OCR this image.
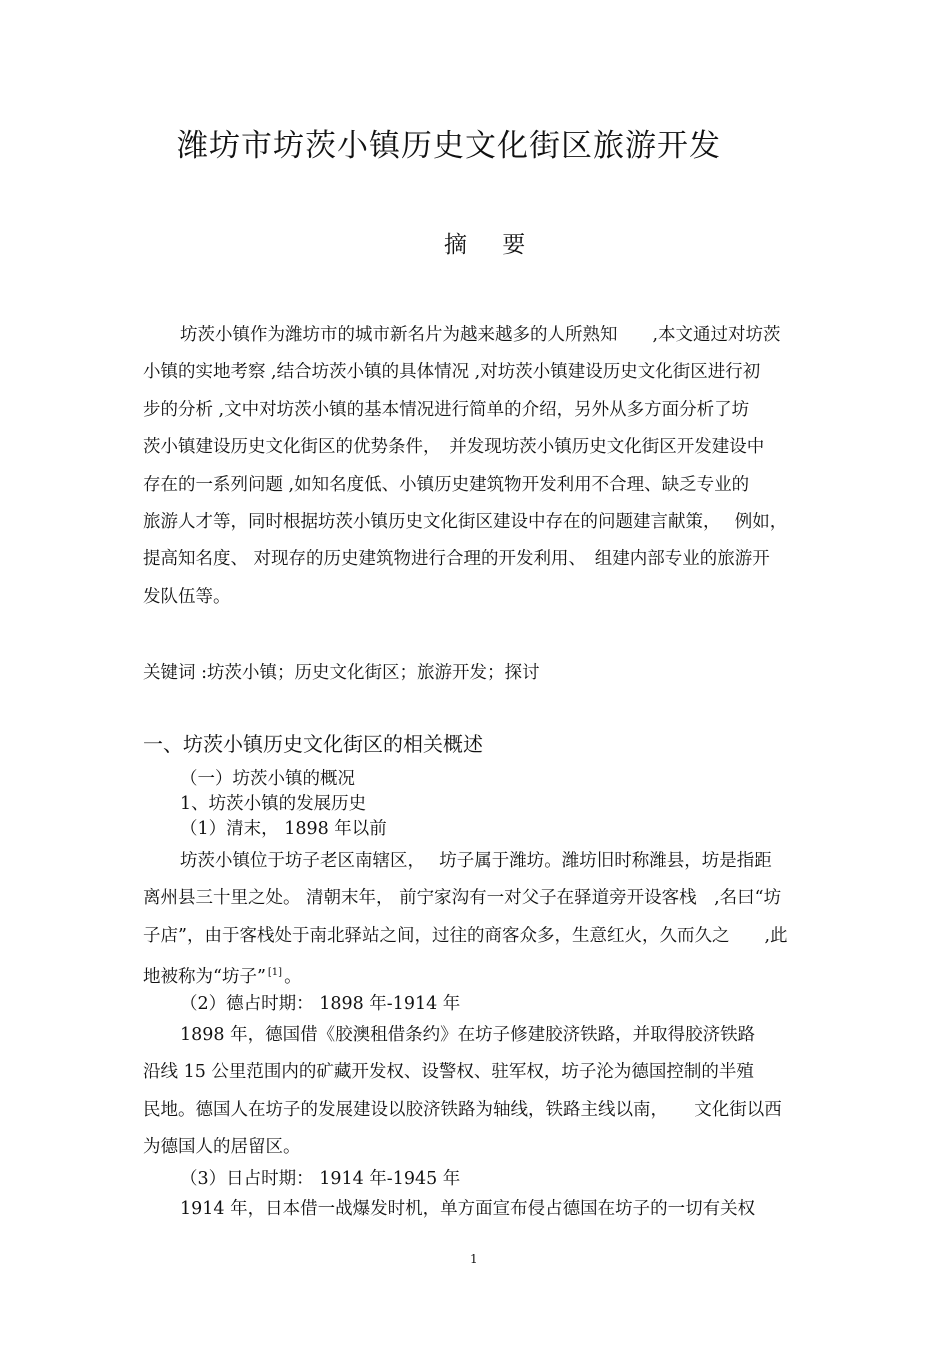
潍坊市坊茨小镇历史文化街区旅游开发
摘 要
坊茨小镇作为潍坊市的城市新名片为越来越多的人所熟知　　,本文通过对坊茨
小镇的实地考察 ,结合坊茨小镇的具体情况 ,对坊茨小镇建设历史文化街区进行初
步的分析 ,文中对坊茨小镇的基本情况进行简单的介绍，另外从多方面分析了坊
茨小镇建设历史文化街区的优势条件，　并发现坊茨小镇历史文化街区开发建设中
存在的一系列问题 ,如知名度低、小镇历史建筑物开发利用不合理、缺乏专业的
旅游人才等，同时根据坊茨小镇历史文化街区建设中存在的问题建言献策，　 例如，
提高知名度、 对现存的历史建筑物进行合理的开发利用、　组建内部专业的旅游开
发队伍等。
关键词 :坊茨小镇；历史文化街区；旅游开发；探讨
一、坊茨小镇历史文化街区的相关概述
（一）坊茨小镇的概况
1、坊茨小镇的发展历史
（1）清末， 1898 年以前
坊茨小镇位于坊子老区南辖区，　 坊子属于潍坊。潍坊旧时称潍县，坊是指距
离州县三十里之处。 清朝末年， 前宁家沟有一对父子在驿道旁开设客栈　,名曰“坊
子店”，由于客栈处于南北驿站之间，过往的商客众多，生意红火，久而久之　　,此
地被称为“坊子” [1] 。
（2）德占时期： 1898 年-1914 年
1898 年，德国借《胶澳租借条约》在坊子修建胶济铁路，并取得胶济铁路
沿线 15 公里范围内的矿藏开发权、设警权、驻军权，坊子沦为德国控制的半殖
民地。德国人在坊子的发展建设以胶济铁路为轴线，铁路主线以南，　　文化街以西
为德国人的居留区。
（3）日占时期： 1914 年-1945 年
1914 年，日本借一战爆发时机，单方面宣布侵占德国在坊子的一切有关权
1
